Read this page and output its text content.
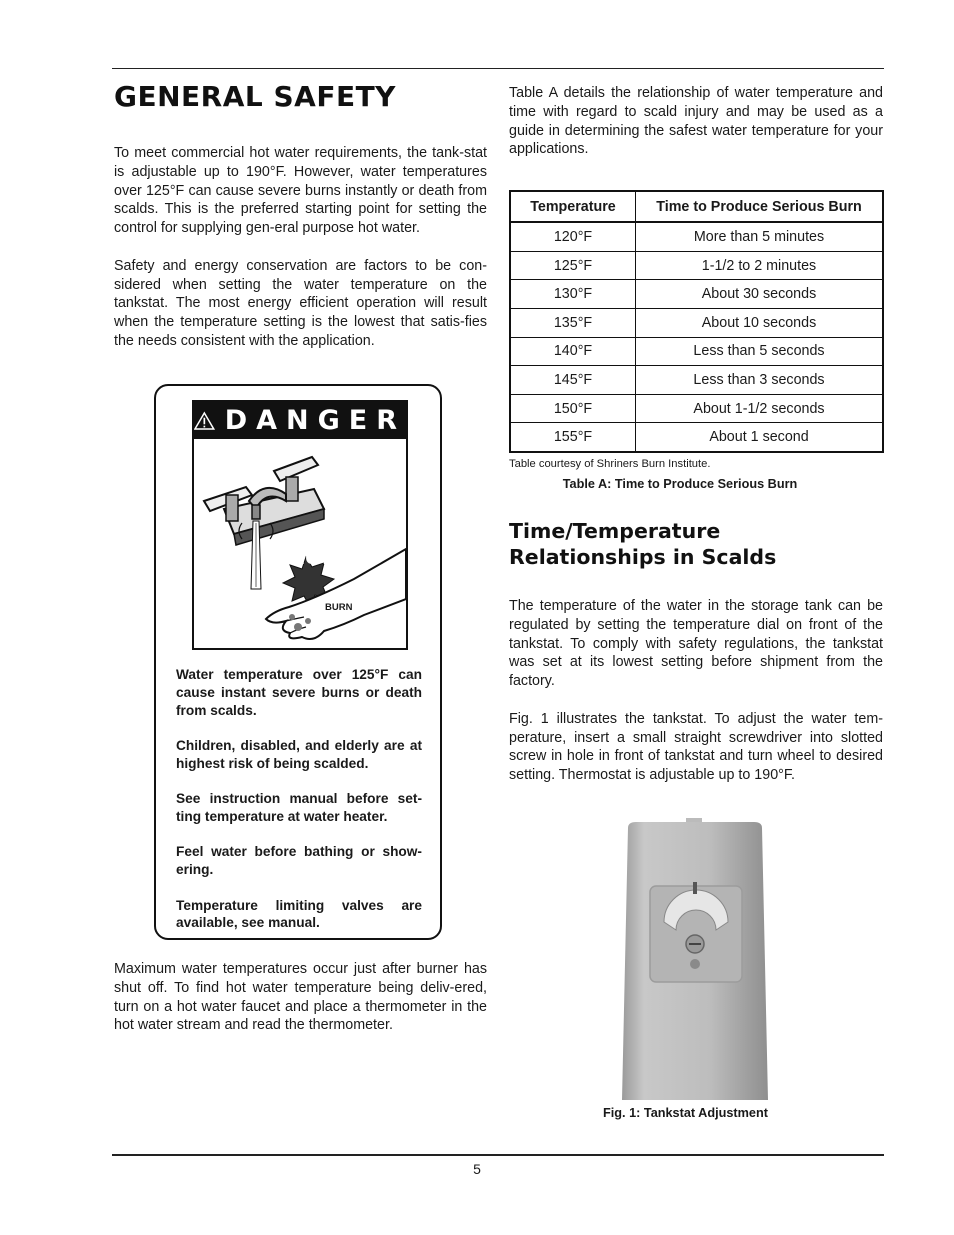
GENERAL SAFETY

To meet commercial hot water requirements, the tank-stat is adjustable up to 190°F. However, water temperatures over 125°F can cause severe burns instantly or death from scalds. This is the preferred starting point for setting the control for supplying gen-eral purpose hot water.

Safety and energy conservation are factors to be con-sidered when setting the water temperature on the tankstat. The most energy efficient operation will result when the temperature setting is the lowest that satis-fies the needs consistent with the application.

DANGER
HOT
BURN

Water temperature over 125°F can cause instant severe burns or death from scalds.

Children, disabled, and elderly are at highest risk of being scalded.

See instruction manual before set-ting temperature at water heater.

Feel water before bathing or show-ering.

Temperature limiting valves are available, see manual.

Maximum water temperatures occur just after burner has shut off. To find hot water temperature being deliv-ered, turn on a hot water faucet and place a thermometer in the hot water stream and read the thermometer.

Table A details the relationship of water temperature and time with regard to scald injury and may be used as a guide in determining the safest water temperature for your applications.

Temperature	Time to Produce Serious Burn
120°F	More than 5 minutes
125°F	1-1/2 to 2 minutes
130°F	About 30 seconds
135°F	About 10 seconds
140°F	Less than 5 seconds
145°F	Less than 3 seconds
150°F	About 1-1/2 seconds
155°F	About 1 second
Table courtesy of Shriners Burn Institute.
Table A: Time to Produce Serious Burn
Time/Temperature
Relationships in Scalds

The temperature of the water in the storage tank can be regulated by setting the temperature dial on front of the tankstat. To comply with safety regulations, the tankstat was set at its lowest setting before shipment from the factory.

Fig. 1 illustrates the tankstat. To adjust the water tem-perature, insert a small straight screwdriver into slotted screw in hole in front of tankstat and turn wheel to desired setting. Thermostat is adjustable up to 190°F.

Fig. 1: Tankstat Adjustment
5
